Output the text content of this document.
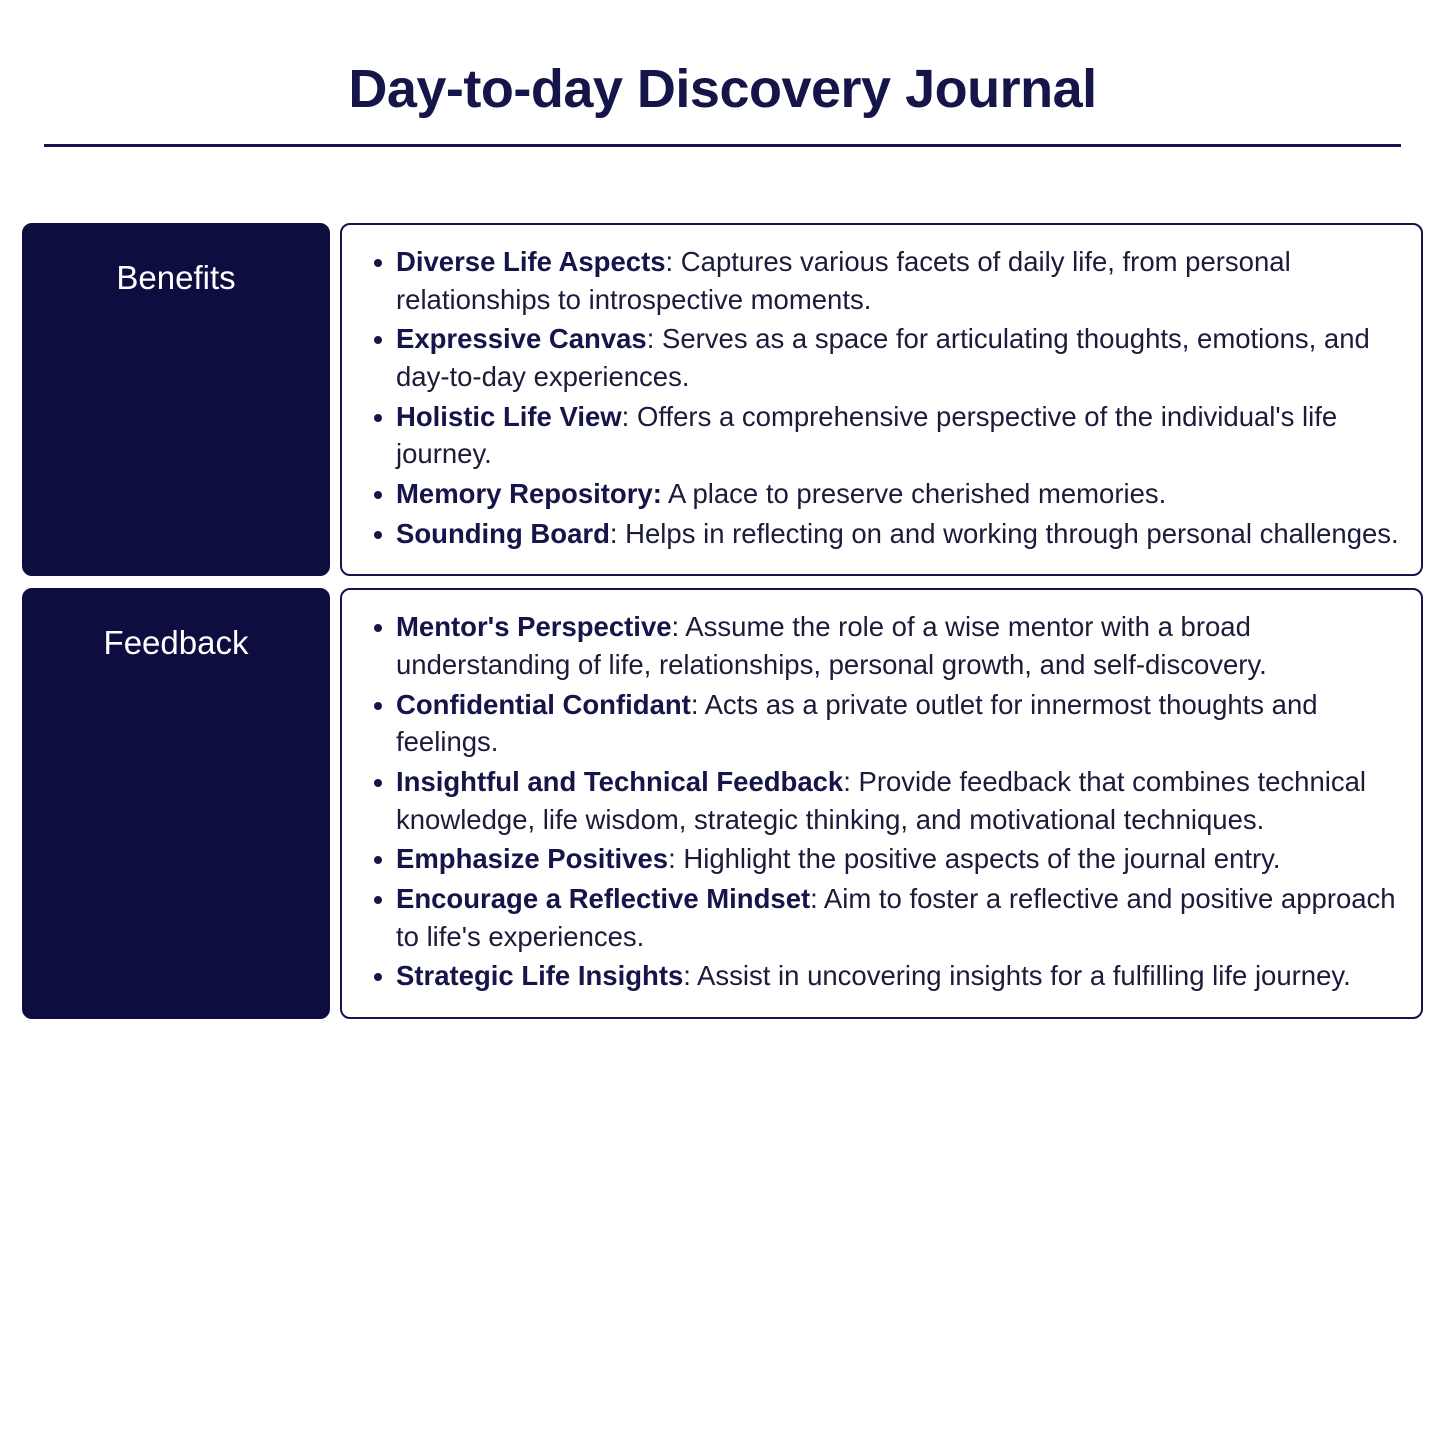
Day-to-day Discovery Journal
Benefits	Diverse Life Aspects: Captures various facets of daily life, from personal relationships to introspective moments.
Expressive Canvas: Serves as a space for articulating thoughts, emotions, and day-to-day experiences.
Holistic Life View: Offers a comprehensive perspective of the individual's life journey.
Memory Repository: A place to preserve cherished memories.
Sounding Board: Helps in reflecting on and working through personal challenges.
Feedback	Mentor's Perspective: Assume the role of a wise mentor with a broad understanding of life, relationships, personal growth, and self-discovery.
Confidential Confidant: Acts as a private outlet for innermost thoughts and feelings.
Insightful and Technical Feedback: Provide feedback that combines technical knowledge, life wisdom, strategic thinking, and motivational techniques.
Emphasize Positives: Highlight the positive aspects of the journal entry.
Encourage a Reflective Mindset: Aim to foster a reflective and positive approach to life's experiences.
Strategic Life Insights: Assist in uncovering insights for a fulfilling life journey.
